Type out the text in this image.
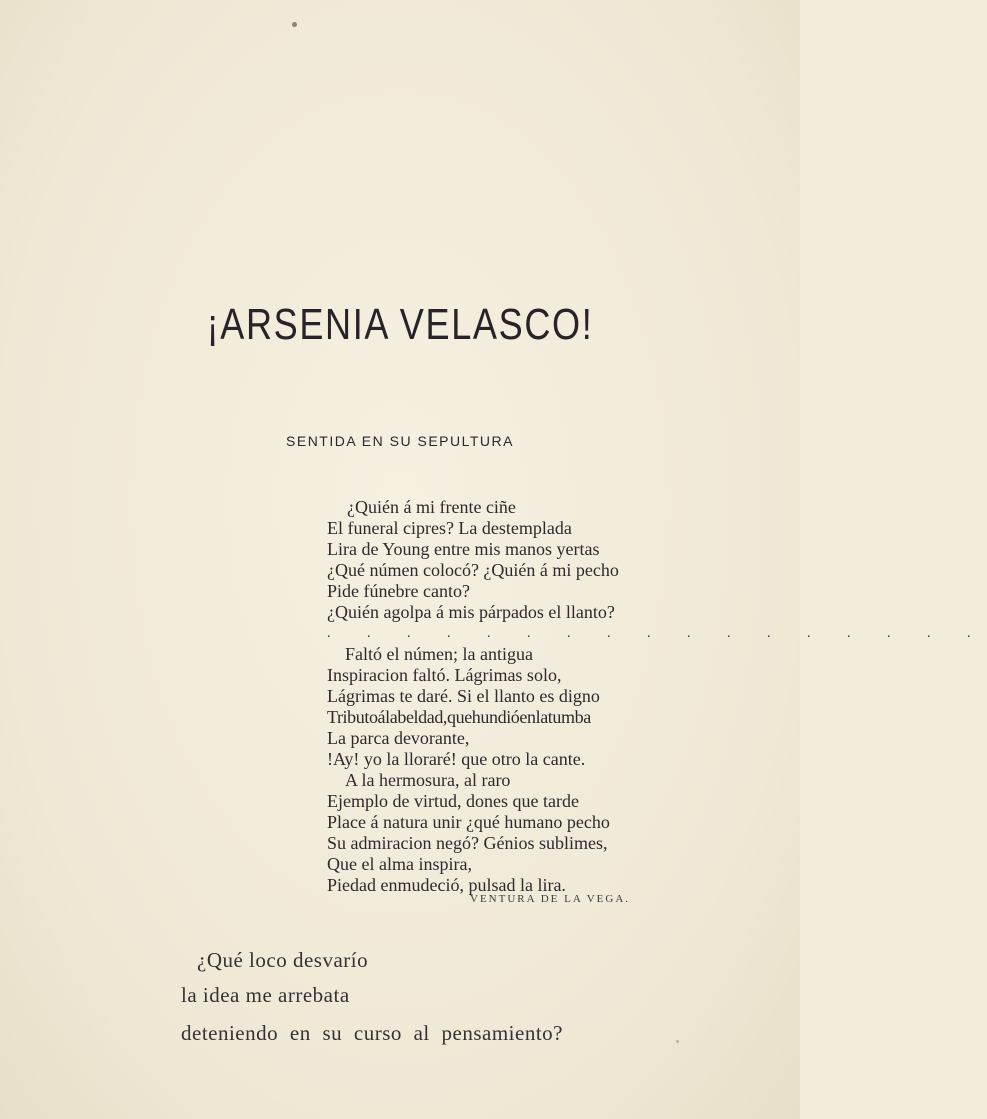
¡ARSENIA VELASCO!
SENTIDA EN SU SEPULTURA
¿Quién á mi frente ciñe
El funeral cipres? La destemplada
Lira de Young entre mis manos yertas
¿Qué númen colocó? ¿Quién á mi pecho
Pide fúnebre canto?
¿Quién agolpa á mis párpados el llanto?
. . . . . . . . . . . . . . . . .
Faltó el númen; la antigua
Inspiracion faltó. Lágrimas solo,
Lágrimas te daré. Si el llanto es digno
Tributoálabeldad,quehundióenlatumba
La parca devorante,
!Ay! yo la lloraré! que otro la cante.
A la hermosura, al raro
Ejemplo de virtud, dones que tarde
Place á natura unir ¿qué humano pecho
Su admiracion negó? Génios sublimes,
Que el alma inspira,
Piedad enmudeció, pulsad la lira.
VENTURA DE LA VEGA.
¿Qué loco desvarío
la idea me arrebata
deteniendo en su curso al pensamiento?
